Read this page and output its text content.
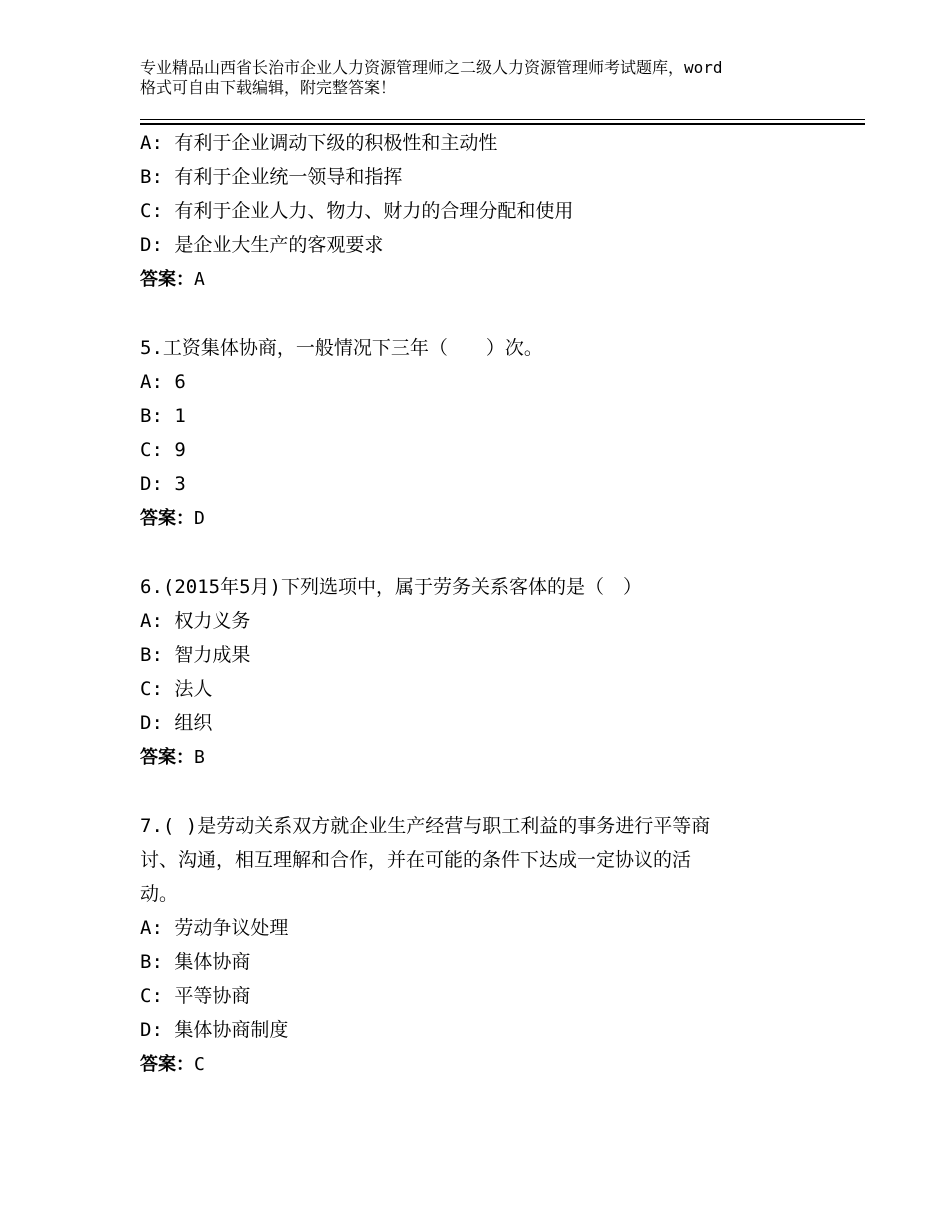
专业精品山西省长治市企业人力资源管理师之二级人力资源管理师考试题库，word
格式可自由下载编辑，附完整答案！
A: 有利于企业调动下级的积极性和主动性
B: 有利于企业统一领导和指挥
C: 有利于企业人力、物力、财力的合理分配和使用
D: 是企业大生产的客观要求
答案：A
5.工资集体协商，一般情况下三年（　　）次。
A: 6
B: 1
C: 9
D: 3
答案：D
6.(2015年5月)下列选项中，属于劳务关系客体的是（　）
A: 权力义务
B: 智力成果
C: 法人
D: 组织
答案：B
7.( )是劳动关系双方就企业生产经营与职工利益的事务进行平等商
讨、沟通，相互理解和合作，并在可能的条件下达成一定协议的活
动。
A: 劳动争议处理
B: 集体协商
C: 平等协商
D: 集体协商制度
答案：C
